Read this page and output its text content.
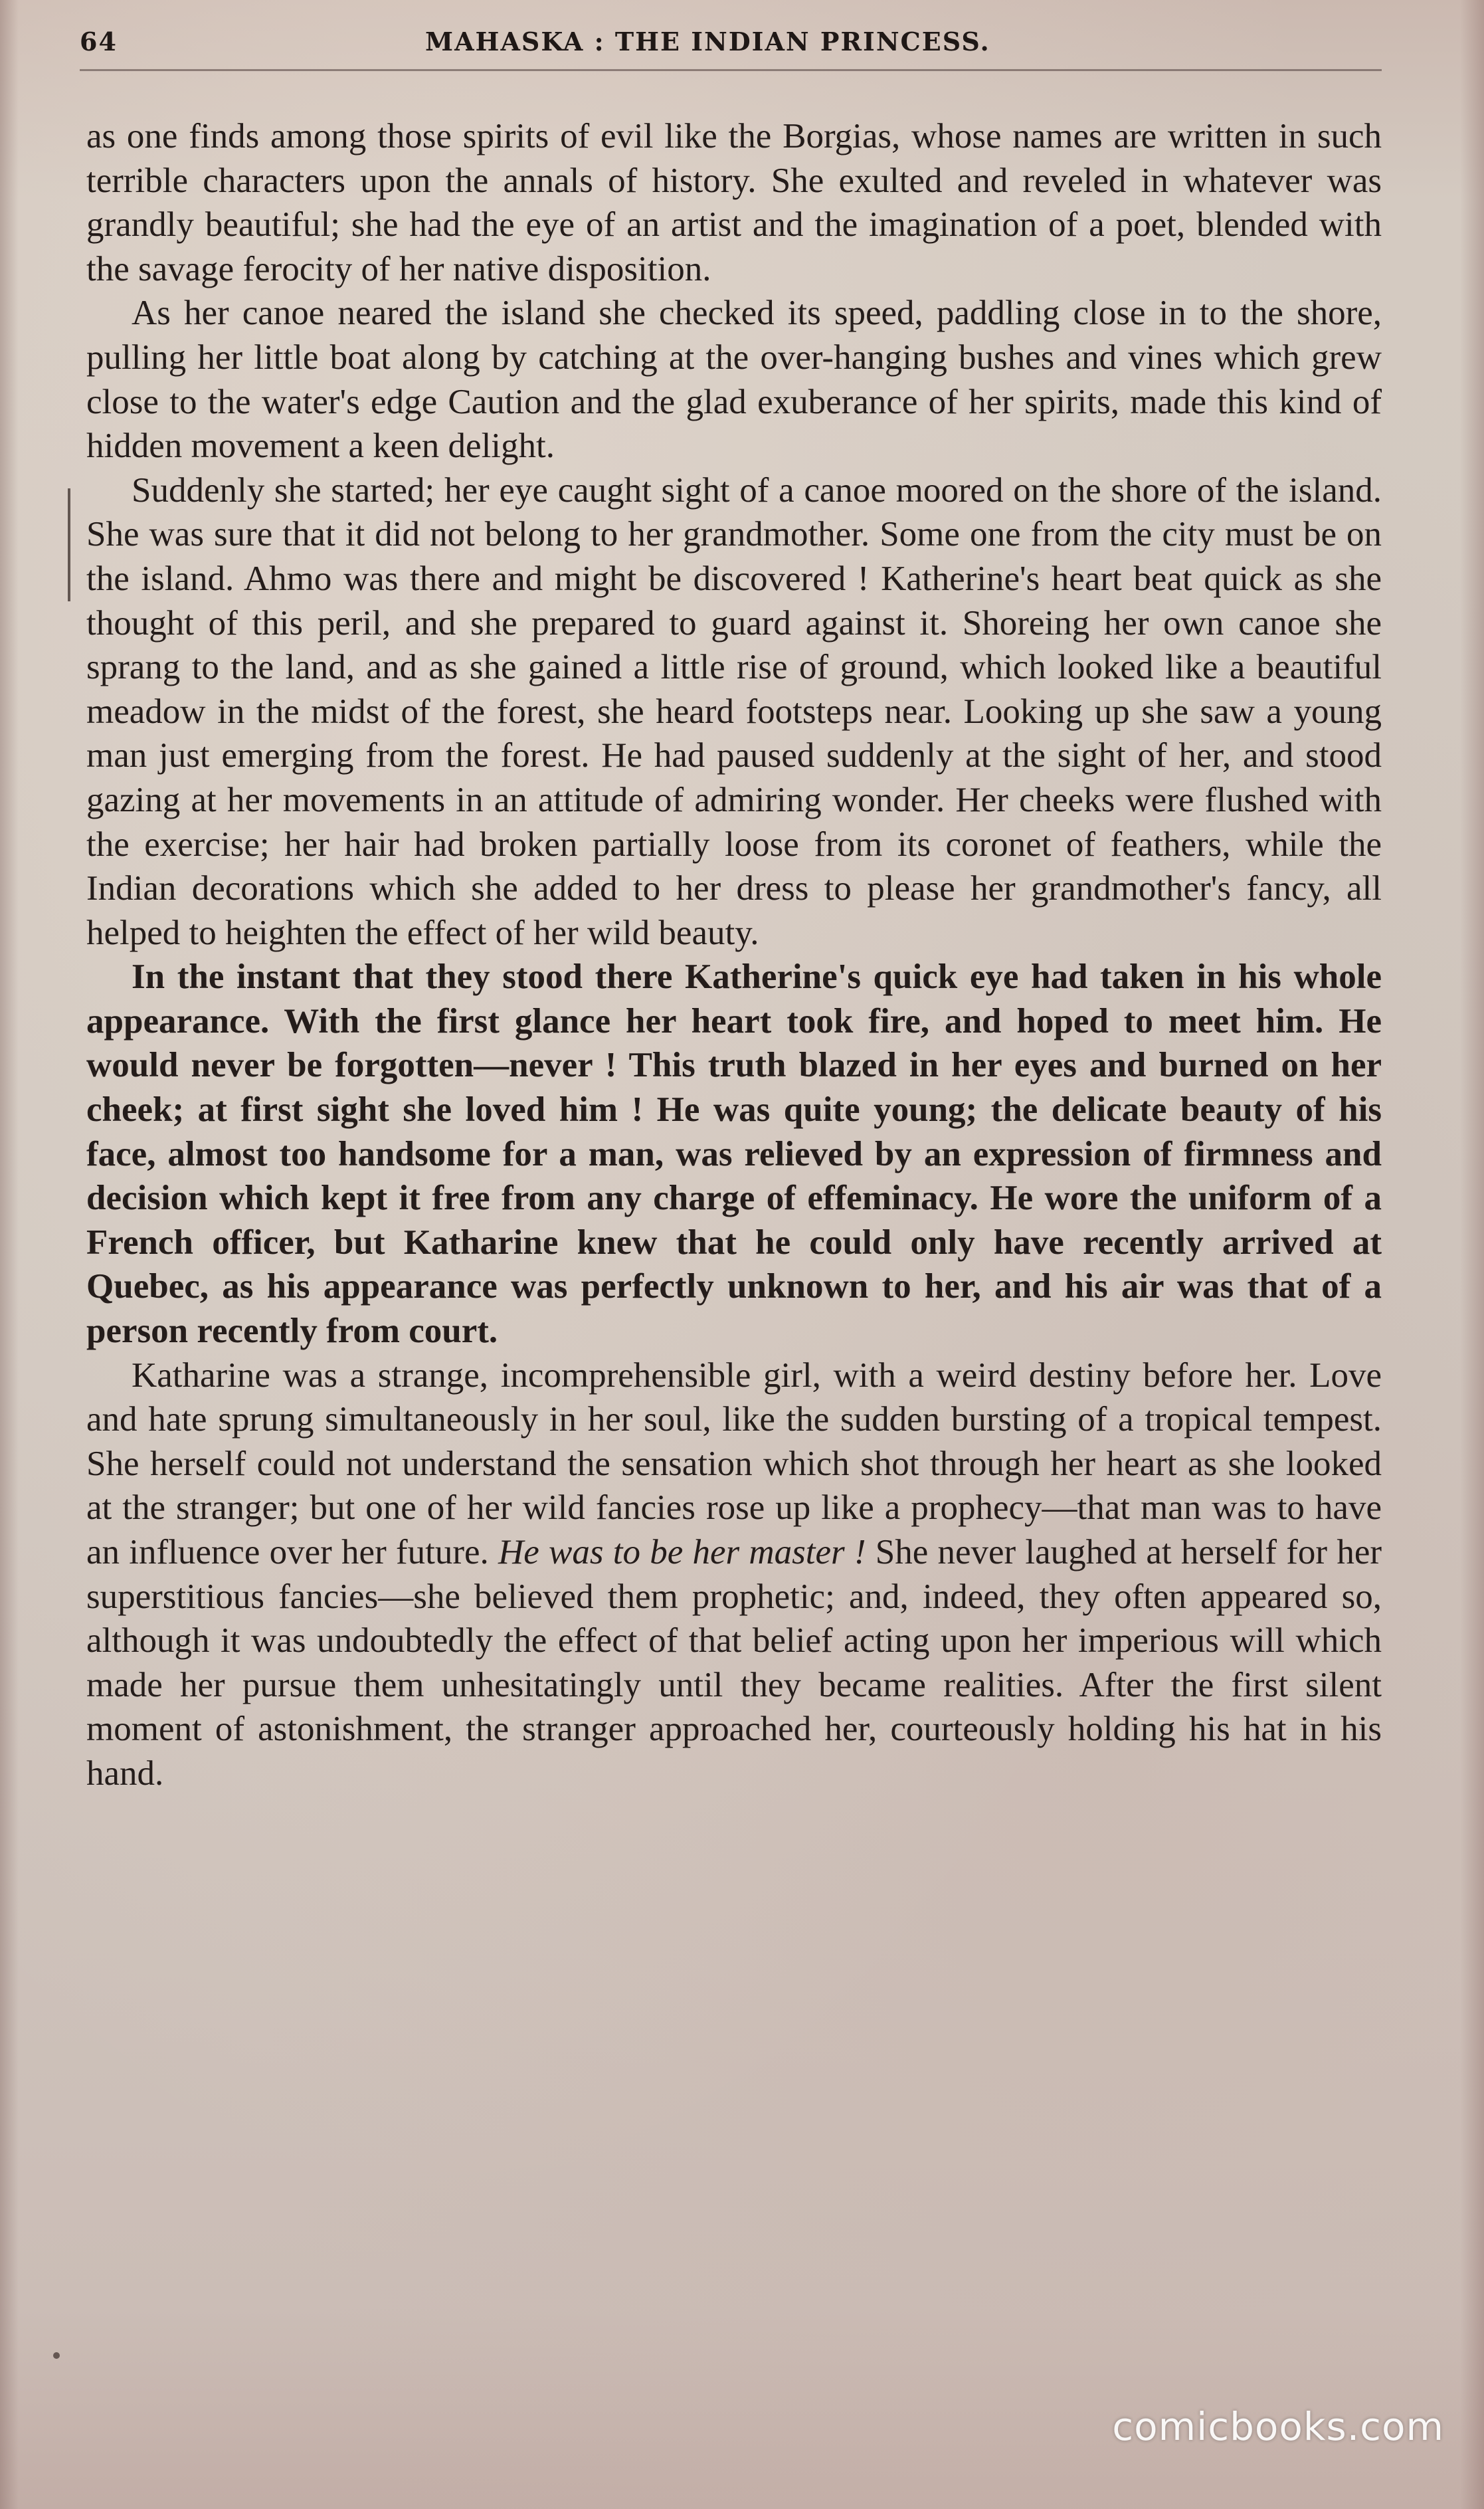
64	MAHASKA : THE INDIAN PRINCESS.

as one finds among those spirits of evil like the Borgias, whose names are written in such terrible characters upon the annals of history. She exulted and reveled in whatever was grandly beautiful; she had the eye of an artist and the imagination of a poet, blended with the savage ferocity of her native disposition.

As her canoe neared the island she checked its speed, paddling close in to the shore, pulling her little boat along by catching at the over-hanging bushes and vines which grew close to the water's edge Caution and the glad exuberance of her spirits, made this kind of hidden movement a keen delight.

Suddenly she started; her eye caught sight of a canoe moored on the shore of the island. She was sure that it did not belong to her grandmother. Some one from the city must be on the island. Ahmo was there and might be discovered ! Katherine's heart beat quick as she thought of this peril, and she prepared to guard against it. Shoreing her own canoe she sprang to the land, and as she gained a little rise of ground, which looked like a beautiful meadow in the midst of the forest, she heard footsteps near. Looking up she saw a young man just emerging from the forest. He had paused suddenly at the sight of her, and stood gazing at her movements in an attitude of admiring wonder. Her cheeks were flushed with the exercise; her hair had broken partially loose from its coronet of feathers, while the Indian decorations which she added to her dress to please her grandmother's fancy, all helped to heighten the effect of her wild beauty.

In the instant that they stood there Katherine's quick eye had taken in his whole appearance. With the first glance her heart took fire, and hoped to meet him. He would never be forgotten—never ! This truth blazed in her eyes and burned on her cheek; at first sight she loved him ! He was quite young; the delicate beauty of his face, almost too handsome for a man, was relieved by an expression of firmness and decision which kept it free from any charge of effeminacy. He wore the uniform of a French officer, but Katharine knew that he could only have recently arrived at Quebec, as his appearance was perfectly unknown to her, and his air was that of a person recently from court.

Katharine was a strange, incomprehensible girl, with a weird destiny before her. Love and hate sprung simultaneously in her soul, like the sudden bursting of a tropical tempest. She herself could not understand the sensation which shot through her heart as she looked at the stranger; but one of her wild fancies rose up like a prophecy—that man was to have an influence over her future. He was to be her master ! She never laughed at herself for her superstitious fancies—she believed them prophetic; and, indeed, they often appeared so, although it was undoubtedly the effect of that belief acting upon her imperious will which made her pursue them unhesitatingly until they became realities. After the first silent moment of astonishment, the stranger approached her, courteously holding his hat in his hand.

comicbooks.com
